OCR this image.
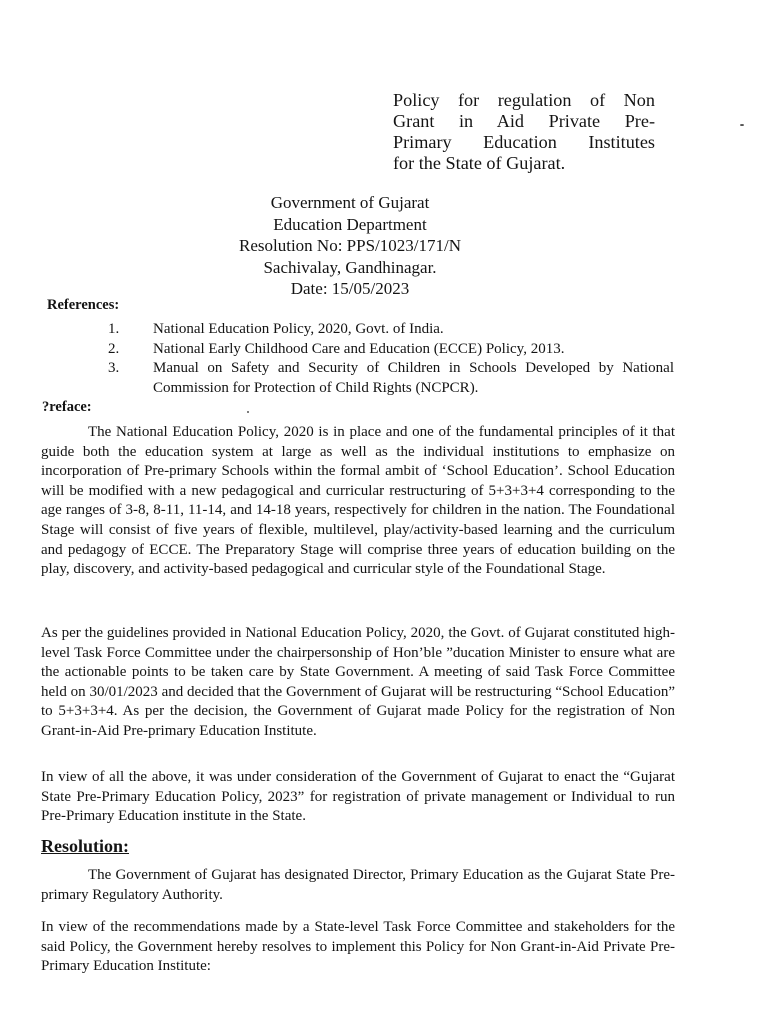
Policy for regulation of Non
Grant in Aid Private Pre-
Primary Education Institutes
for the State of Gujarat.
Government of Gujarat
Education Department
Resolution No: PPS/1023/171/N
Sachivalay, Gandhinagar.
Date: 15/05/2023
References:
1. National Education Policy, 2020, Govt. of India.
2. National Early Childhood Care and Education (ECCE) Policy, 2013.
3. Manual on Safety and Security of Children in Schools Developed by National Commission for Protection of Child Rights (NCPCR).
?reface:
The National Education Policy, 2020 is in place and one of the fundamental principles of it that guide both the education system at large as well as the individual institutions to emphasize on incorporation of Pre-primary Schools within the formal ambit of ‘School Education’. School Education will be modified with a new pedagogical and curricular restructuring of 5+3+3+4 corresponding to the age ranges of 3-8, 8-11, 11-14, and 14-18 years, respectively for children in the nation. The Foundational Stage will consist of five years of flexible, multilevel, play/activity-based learning and the curriculum and pedagogy of ECCE. The Preparatory Stage will comprise three years of education building on the play, discovery, and activity-based pedagogical and curricular style of the Foundational Stage.
As per the guidelines provided in National Education Policy, 2020, the Govt. of Gujarat constituted high-level Task Force Committee under the chairpersonship of Hon’ble ”ducation Minister to ensure what are the actionable points to be taken care by State Government. A meeting of said Task Force Committee held on 30/01/2023 and decided that the Government of Gujarat will be restructuring “School Education” to 5+3+3+4. As per the decision, the Government of Gujarat made Policy for the registration of Non Grant-in-Aid Pre-primary Education Institute.
In view of all the above, it was under consideration of the Government of Gujarat to enact the “Gujarat State Pre-Primary Education Policy, 2023” for registration of private management or Individual to run Pre-Primary Education institute in the State.
Resolution:
The Government of Gujarat has designated Director, Primary Education as the Gujarat State Pre-primary Regulatory Authority.
In view of the recommendations made by a State-level Task Force Committee and stakeholders for the said Policy, the Government hereby resolves to implement this Policy for Non Grant-in-Aid Private Pre-Primary Education Institute:
